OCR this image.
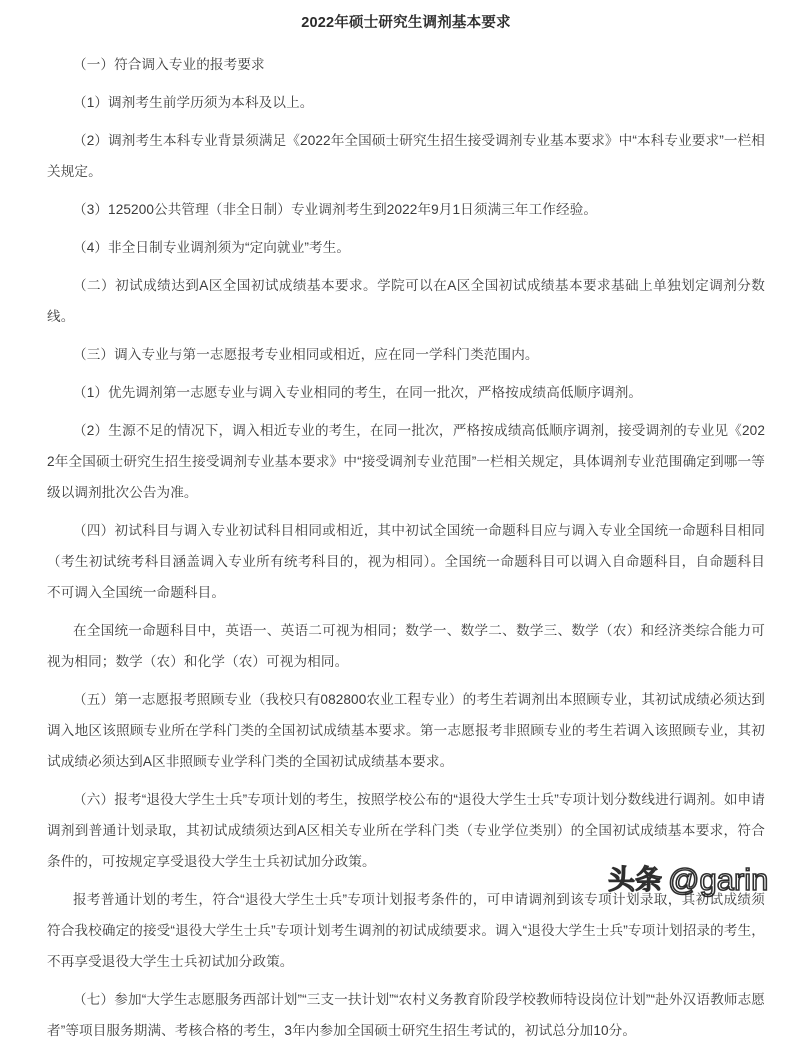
2022年硕士研究生调剂基本要求

（一）符合调入专业的报考要求

（1）调剂考生前学历须为本科及以上。

（2）调剂考生本科专业背景须满足《2022年全国硕士研究生招生接受调剂专业基本要求》中“本科专业要求”一栏相关规定。

（3）125200公共管理（非全日制）专业调剂考生到2022年9月1日须满三年工作经验。

（4）非全日制专业调剂须为“定向就业”考生。

（二）初试成绩达到A区全国初试成绩基本要求。学院可以在A区全国初试成绩基本要求基础上单独划定调剂分数线。

（三）调入专业与第一志愿报考专业相同或相近，应在同一学科门类范围内。

（1）优先调剂第一志愿专业与调入专业相同的考生，在同一批次，严格按成绩高低顺序调剂。

（2）生源不足的情况下，调入相近专业的考生，在同一批次，严格按成绩高低顺序调剂，接受调剂的专业见《2022年全国硕士研究生招生接受调剂专业基本要求》中“接受调剂专业范围”一栏相关规定，具体调剂专业范围确定到哪一等级以调剂批次公告为准。

（四）初试科目与调入专业初试科目相同或相近，其中初试全国统一命题科目应与调入专业全国统一命题科目相同（考生初试统考科目涵盖调入专业所有统考科目的，视为相同）。全国统一命题科目可以调入自命题科目，自命题科目不可调入全国统一命题科目。

在全国统一命题科目中，英语一、英语二可视为相同；数学一、数学二、数学三、数学（农）和经济类综合能力可视为相同；数学（农）和化学（农）可视为相同。

（五）第一志愿报考照顾专业（我校只有082800农业工程专业）的考生若调剂出本照顾专业，其初试成绩必须达到调入地区该照顾专业所在学科门类的全国初试成绩基本要求。第一志愿报考非照顾专业的考生若调入该照顾专业，其初试成绩必须达到A区非照顾专业学科门类的全国初试成绩基本要求。

（六）报考“退役大学生士兵”专项计划的考生，按照学校公布的“退役大学生士兵”专项计划分数线进行调剂。如申请调剂到普通计划录取，其初试成绩须达到A区相关专业所在学科门类（专业学位类别）的全国初试成绩基本要求，符合条件的，可按规定享受退役大学生士兵初试加分政策。

报考普通计划的考生，符合“退役大学生士兵”专项计划报考条件的，可申请调剂到该专项计划录取，其初试成绩须符合我校确定的接受“退役大学生士兵”专项计划考生调剂的初试成绩要求。调入“退役大学生士兵”专项计划招录的考生，不再享受退役大学生士兵初试加分政策。

（七）参加“大学生志愿服务西部计划”“三支一扶计划”“农村义务教育阶段学校教师特设岗位计划”“赴外汉语教师志愿者”等项目服务期满、考核合格的考生，3年内参加全国硕士研究生招生考试的，初试总分加10分。

头条 @garin
